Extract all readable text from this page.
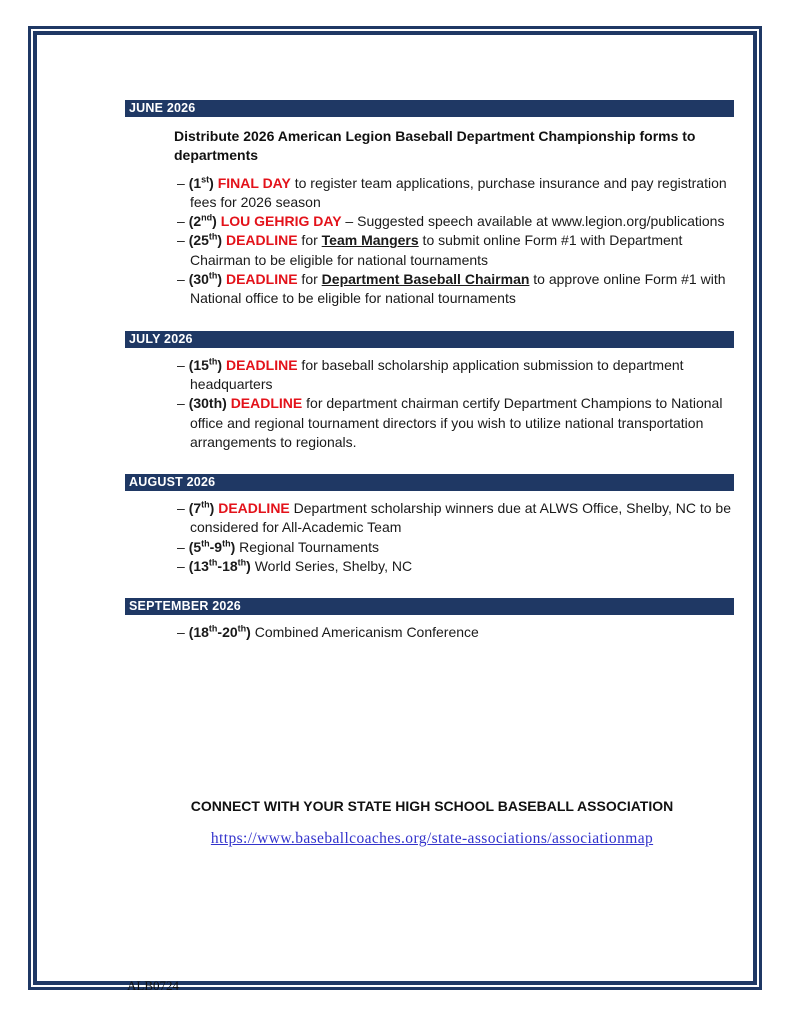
JUNE 2026

Distribute 2026 American Legion Baseball Department Championship forms to departments

– (1st) FINAL DAY to register team applications, purchase insurance and pay registration fees for 2026 season
– (2nd) LOU GEHRIG DAY – Suggested speech available at www.legion.org/publications
– (25th) DEADLINE for Team Mangers to submit online Form #1 with Department Chairman to be eligible for national tournaments
– (30th) DEADLINE for Department Baseball Chairman to approve online Form #1 with National office to be eligible for national tournaments
JULY 2026
– (15th) DEADLINE for baseball scholarship application submission to department headquarters
– (30th) DEADLINE for department chairman certify Department Champions to National office and regional tournament directors if you wish to utilize national transportation arrangements to regionals.
AUGUST 2026
– (7th) DEADLINE Department scholarship winners due at ALWS Office, Shelby, NC to be considered for All-Academic Team
– (5th-9th) Regional Tournaments
– (13th-18th) World Series, Shelby, NC
SEPTEMBER 2026
– (18th-20th) Combined Americanism Conference
CONNECT WITH YOUR STATE HIGH SCHOOL BASEBALL ASSOCIATION
https://www.baseballcoaches.org/state-associations/associationmap
ALB0724
